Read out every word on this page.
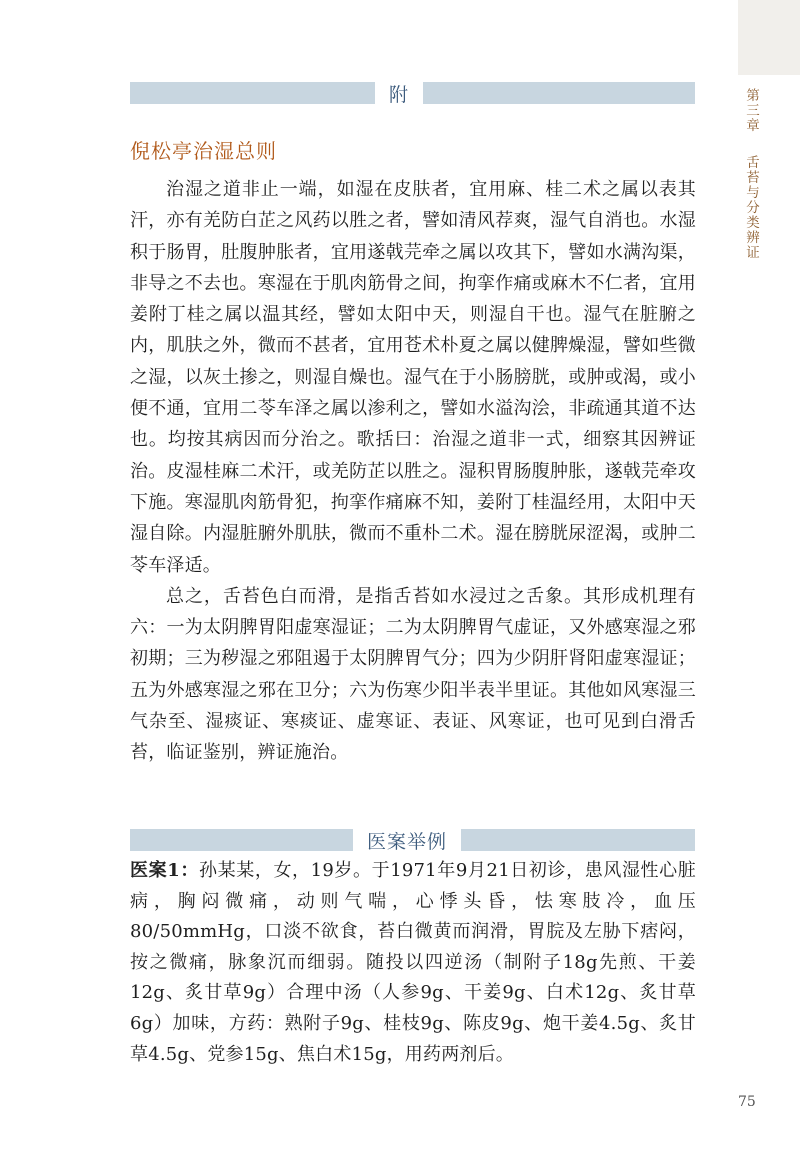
第三章舌苔与分类辨证
附
倪松亭治湿总则

治湿之道非止一端，如湿在皮肤者，宜用麻、桂二术之属以表其汗，亦有羌防白芷之风药以胜之者，譬如清风荐爽，湿气自消也。水湿积于肠胃，肚腹肿胀者，宜用遂戟芫牵之属以攻其下，譬如水满沟渠，非导之不去也。寒湿在于肌肉筋骨之间，拘挛作痛或麻木不仁者，宜用姜附丁桂之属以温其经，譬如太阳中天，则湿自干也。湿气在脏腑之内，肌肤之外，微而不甚者，宜用苍术朴夏之属以健脾燥湿，譬如些微之湿，以灰土掺之，则湿自燥也。湿气在于小肠膀胱，或肿或渴，或小便不通，宜用二苓车泽之属以渗利之，譬如水溢沟浍，非疏通其道不达也。均按其病因而分治之。歌括曰：治湿之道非一式，细察其因辨证治。皮湿桂麻二术汗，或羌防芷以胜之。湿积胃肠腹肿胀，遂戟芫牵攻下施。寒湿肌肉筋骨犯，拘挛作痛麻不知，姜附丁桂温经用，太阳中天湿自除。内湿脏腑外肌肤，微而不重朴二术。湿在膀胱尿涩渴，或肿二苓车泽适。

总之，舌苔色白而滑，是指舌苔如水浸过之舌象。其形成机理有六：一为太阴脾胃阳虚寒湿证；二为太阴脾胃气虚证，又外感寒湿之邪初期；三为秽湿之邪阻遏于太阴脾胃气分；四为少阴肝肾阳虚寒湿证；五为外感寒湿之邪在卫分；六为伤寒少阳半表半里证。其他如风寒湿三气杂至、湿痰证、寒痰证、虚寒证、表证、风寒证，也可见到白滑舌苔，临证鉴别，辨证施治。

医案举例

医案1：孙某某，女，19岁。于1971年9月21日初诊，患风湿性心脏病，胸闷微痛，动则气喘，心悸头昏，怯寒肢冷，血压80/50mmHg，口淡不欲食，苔白微黄而润滑，胃脘及左胁下痞闷，按之微痛，脉象沉而细弱。随投以四逆汤（制附子18g先煎、干姜12g、炙甘草9g）合理中汤（人参9g、干姜9g、白术12g、炙甘草6g）加味，方药：熟附子9g、桂枝9g、陈皮9g、炮干姜4.5g、炙甘草4.5g、党参15g、焦白术15g，用药两剂后。

75
